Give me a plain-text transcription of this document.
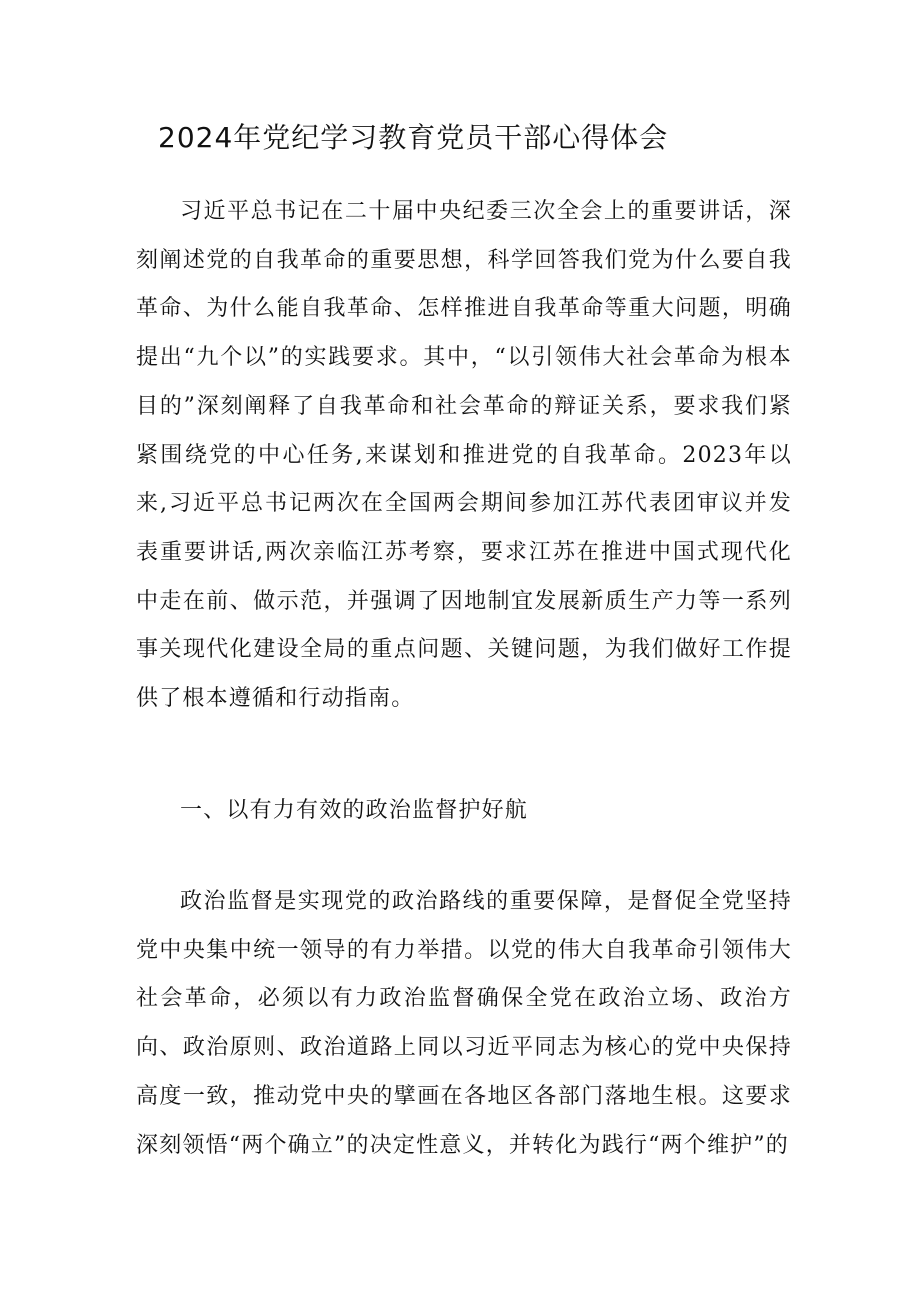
2024年党纪学习教育党员干部心得体会

习近平总书记在二十届中央纪委三次全会上的重要讲话，深刻阐述党的自我革命的重要思想，科学回答我们党为什么要自我革命、为什么能自我革命、怎样推进自我革命等重大问题，明确提出“九个以”的实践要求。其中，“以引领伟大社会革命为根本目的”深刻阐释了自我革命和社会革命的辩证关系，要求我们紧紧围绕党的中心任务,来谋划和推进党的自我革命。2023年以来,习近平总书记两次在全国两会期间参加江苏代表团审议并发表重要讲话,两次亲临江苏考察，要求江苏在推进中国式现代化中走在前、做示范，并强调了因地制宜发展新质生产力等一系列事关现代化建设全局的重点问题、关键问题，为我们做好工作提供了根本遵循和行动指南。

一、以有力有效的政治监督护好航

政治监督是实现党的政治路线的重要保障，是督促全党坚持党中央集中统一领导的有力举措。以党的伟大自我革命引领伟大社会革命，必须以有力政治监督确保全党在政治立场、政治方向、政治原则、政治道路上同以习近平同志为核心的党中央保持高度一致，推动党中央的擘画在各地区各部门落地生根。这要求深刻领悟“两个确立”的决定性意义，并转化为践行“两个维护”的
